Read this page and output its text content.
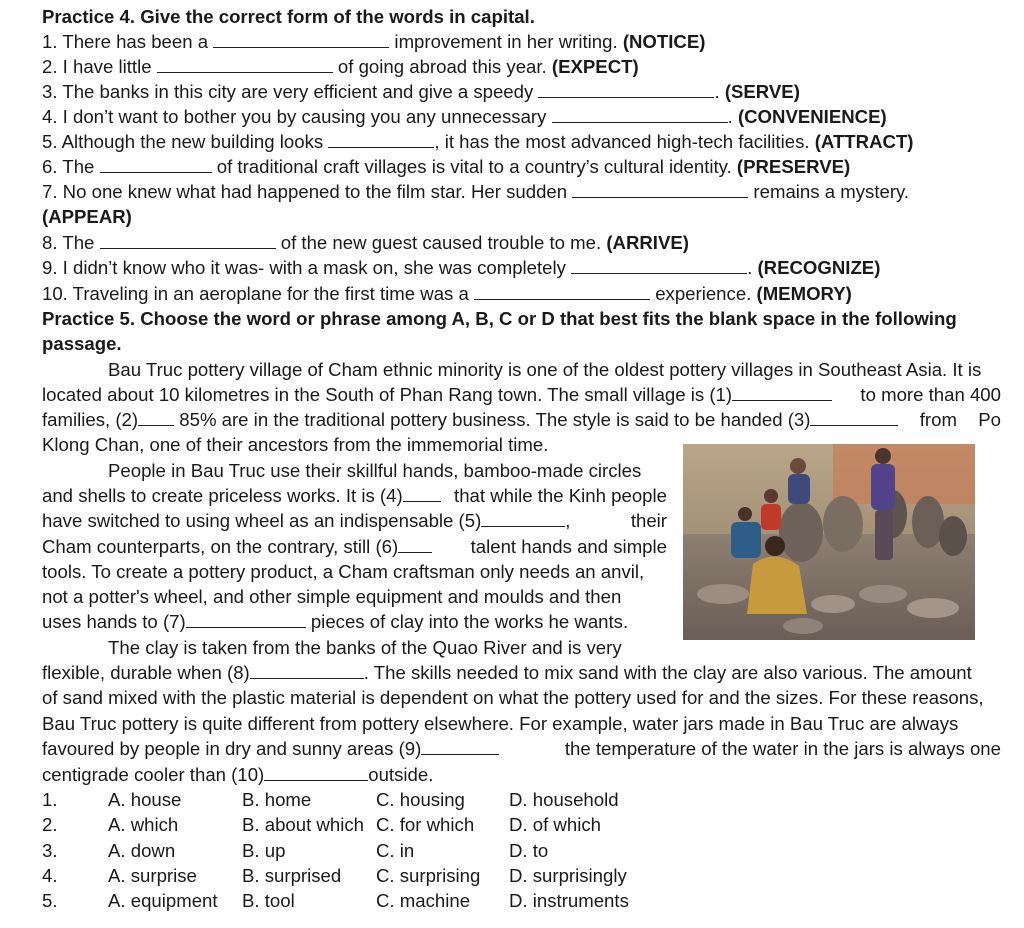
Practice 4. Give the correct form of the words in capital.
1. There has been a	improvement in her writing. (NOTICE)
2. I have little	of going abroad this year. (EXPECT)
3. The banks in this city are very efficient and give a speedy	. (SERVE)
4. I don’t want to bother you by causing you any unnecessary	. (CONVENIENCE)
5. Although the new building looks	, it has the most advanced high-tech facilities. (ATTRACT)
6. The	of traditional craft villages is vital to a country’s cultural identity. (PRESERVE)
7. No one knew what had happened to the film star. Her sudden	remains a mystery.
(APPEAR)
8. The	of the new guest caused trouble to me. (ARRIVE)
9. I didn’t know who it was- with a mask on, she was completely	. (RECOGNIZE)
10. Traveling in an aeroplane for the first time was a	experience. (MEMORY)
Practice 5. Choose the word or phrase among A, B, C or D that best fits the blank space in the following
passage.
Bau Truc pottery village of Cham ethnic minority is one of the oldest pottery villages in Southeast Asia. It is
located about 10 kilometres in the South of Phan Rang town. The small village is (1)	to more than 400
families, (2) 85% are in the traditional pottery business. The style is said to be handed (3)	from Po
Klong Chan, one of their ancestors from the immemorial time.
People in Bau Truc use their skillful hands, bamboo-made circles
and shells to create priceless works. It is (4)	that while the Kinh people
have switched to using wheel as an indispensable (5)	,	their
Cham counterparts, on the contrary, still (6)	talent hands and simple
tools. To create a pottery product, a Cham craftsman only needs an anvil,
not a potter's wheel, and other simple equipment and moulds and then
uses hands to (7)	pieces of clay into the works he wants.
The clay is taken from the banks of the Quao River and is very
flexible, durable when (8)	. The skills needed to mix sand with the clay are also various. The amount
of sand mixed with the plastic material is dependent on what the pottery used for and the sizes. For these reasons,
Bau Truc pottery is quite different from pottery elsewhere. For example, water jars made in Bau Truc are always
favoured by people in dry and sunny areas (9)	the temperature of the water in the jars is always one
centigrade cooler than (10)	outside.
1.	A. house	B. home	C. housing D. household
2.	A. which	B. about which C. for which D. of which
3.	A. down	B. up	C. in	D. to
4.	A. surprise B. surprised C. surprising D. surprisingly
5.	A. equipment B. tool	C. machine D. instruments
